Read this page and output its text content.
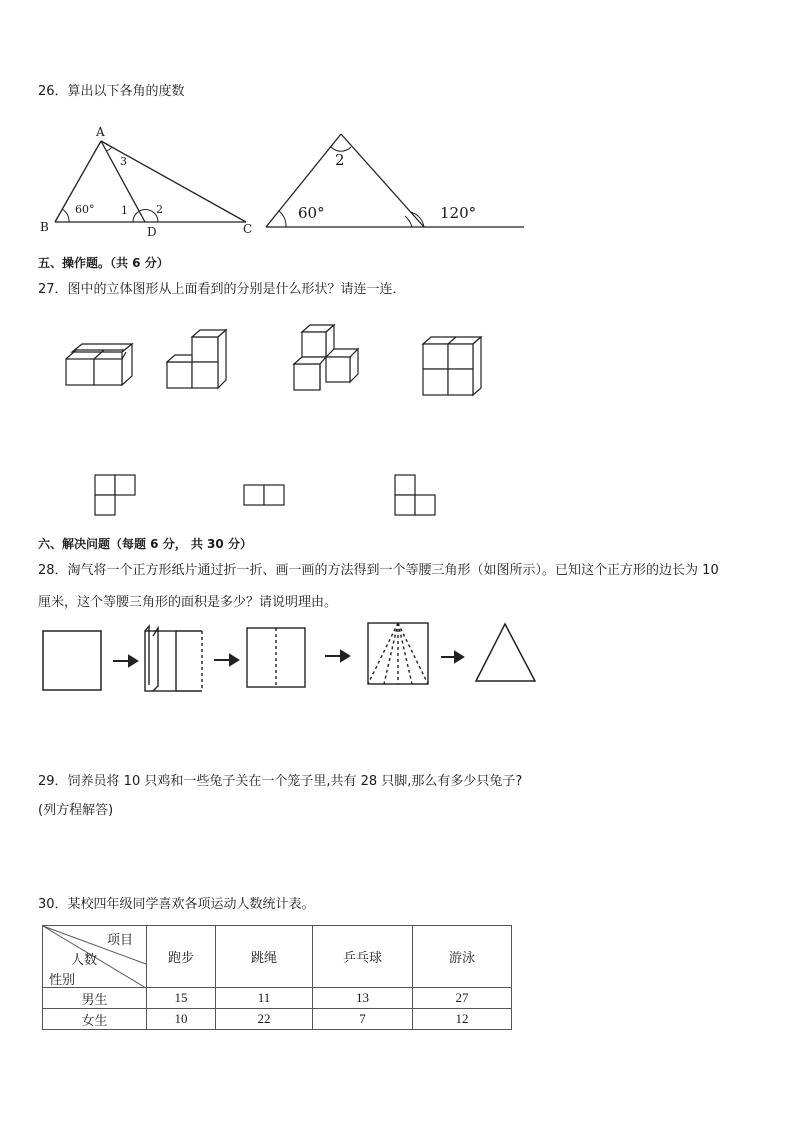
26．算出以下各角的度数
A
B	C
D
60° 1	2
3	2
60°	120°
五、操作题。（共 6 分）
27．图中的立体图形从上面看到的分别是什么形状？请连一连．
六、解决问题（每题 6 分， 共 30 分）
28．淘气将一个正方形纸片通过折一折、画一画的方法得到一个等腰三角形（如图所示）。已知这个正方形的边长为 10
厘米，这个等腰三角形的面积是多少？请说明理由。
29．饲养员将 10 只鸡和一些兔子关在一个笼子里,共有 28 只脚,那么有多少只兔子?
(列方程解答)
30．某校四年级同学喜欢各项运动人数统计表。
项目
人数
性别	跑步	跳绳	乒乓球	游泳
男生	15	11	13	27
女生	10	22	7	12
